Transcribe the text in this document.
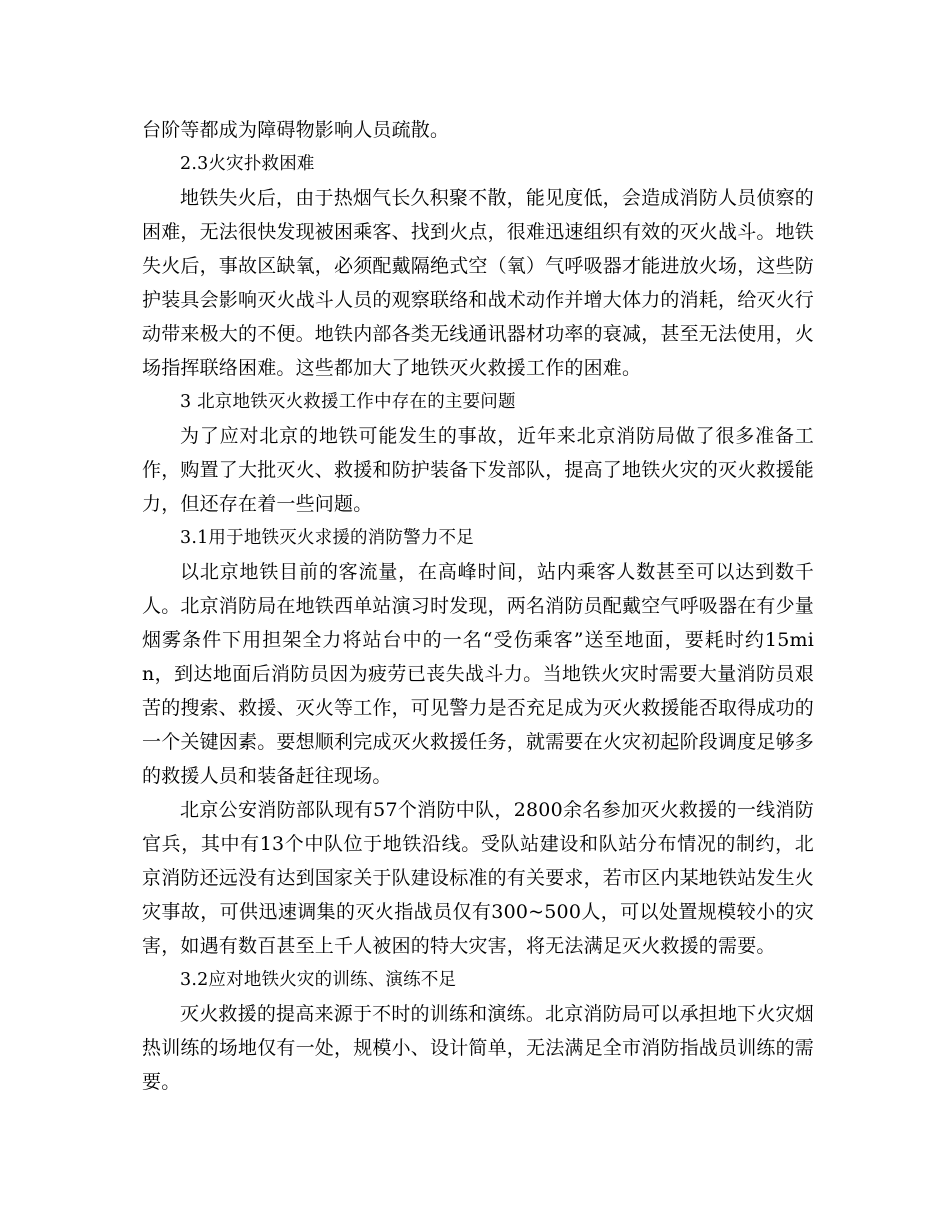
台阶等都成为障碍物影响人员疏散。

2.3火灾扑救困难

地铁失火后，由于热烟气长久积聚不散，能见度低，会造成消防人员侦察的困难，无法很快发现被困乘客、找到火点，很难迅速组织有效的灭火战斗。地铁失火后，事故区缺氧，必须配戴隔绝式空（氧）气呼吸器才能进放火场，这些防护装具会影响灭火战斗人员的观察联络和战术动作并增大体力的消耗，给灭火行动带来极大的不便。地铁内部各类无线通讯器材功率的衰减，甚至无法使用，火场指挥联络困难。这些都加大了地铁灭火救援工作的困难。

3 北京地铁灭火救援工作中存在的主要问题

为了应对北京的地铁可能发生的事故，近年来北京消防局做了很多准备工作，购置了大批灭火、救援和防护装备下发部队，提高了地铁火灾的灭火救援能力，但还存在着一些问题。

3.1用于地铁灭火求援的消防警力不足

以北京地铁目前的客流量，在高峰时间，站内乘客人数甚至可以达到数千人。北京消防局在地铁西单站演习时发现，两名消防员配戴空气呼吸器在有少量烟雾条件下用担架全力将站台中的一名“受伤乘客”送至地面，要耗时约15min，到达地面后消防员因为疲劳已丧失战斗力。当地铁火灾时需要大量消防员艰苦的搜索、救援、灭火等工作，可见警力是否充足成为灭火救援能否取得成功的一个关键因素。要想顺利完成灭火救援任务，就需要在火灾初起阶段调度足够多的救援人员和装备赶往现场。

北京公安消防部队现有57个消防中队，2800余名参加灭火救援的一线消防官兵，其中有13个中队位于地铁沿线。受队站建设和队站分布情况的制约，北京消防还远没有达到国家关于队建设标准的有关要求，若市区内某地铁站发生火灾事故，可供迅速调集的灭火指战员仅有300~500人，可以处置规模较小的灾害，如遇有数百甚至上千人被困的特大灾害，将无法满足灭火救援的需要。

3.2应对地铁火灾的训练、演练不足

灭火救援的提高来源于不时的训练和演练。北京消防局可以承担地下火灾烟热训练的场地仅有一处，规模小、设计简单，无法满足全市消防指战员训练的需要。
